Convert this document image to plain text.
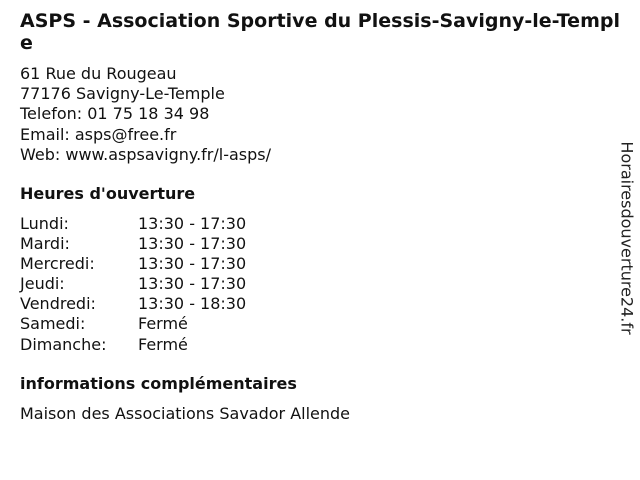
ASPS - Association Sportive du Plessis-Savigny-le-Temple
61 Rue du Rougeau
77176 Savigny-Le-Temple
Telefon: 01 75 18 34 98
Email: asps@free.fr
Web: www.aspsavigny.fr/l-asps/
Heures d'ouverture
Lundi:	13:30 - 17:30
Mardi:	13:30 - 17:30
Mercredi:	13:30 - 17:30
Jeudi:	13:30 - 17:30
Vendredi:	13:30 - 18:30
Samedi:	Fermé
Dimanche:	Fermé
informations complémentaires
Maison des Associations Savador Allende
Horairesdouverture24.fr
